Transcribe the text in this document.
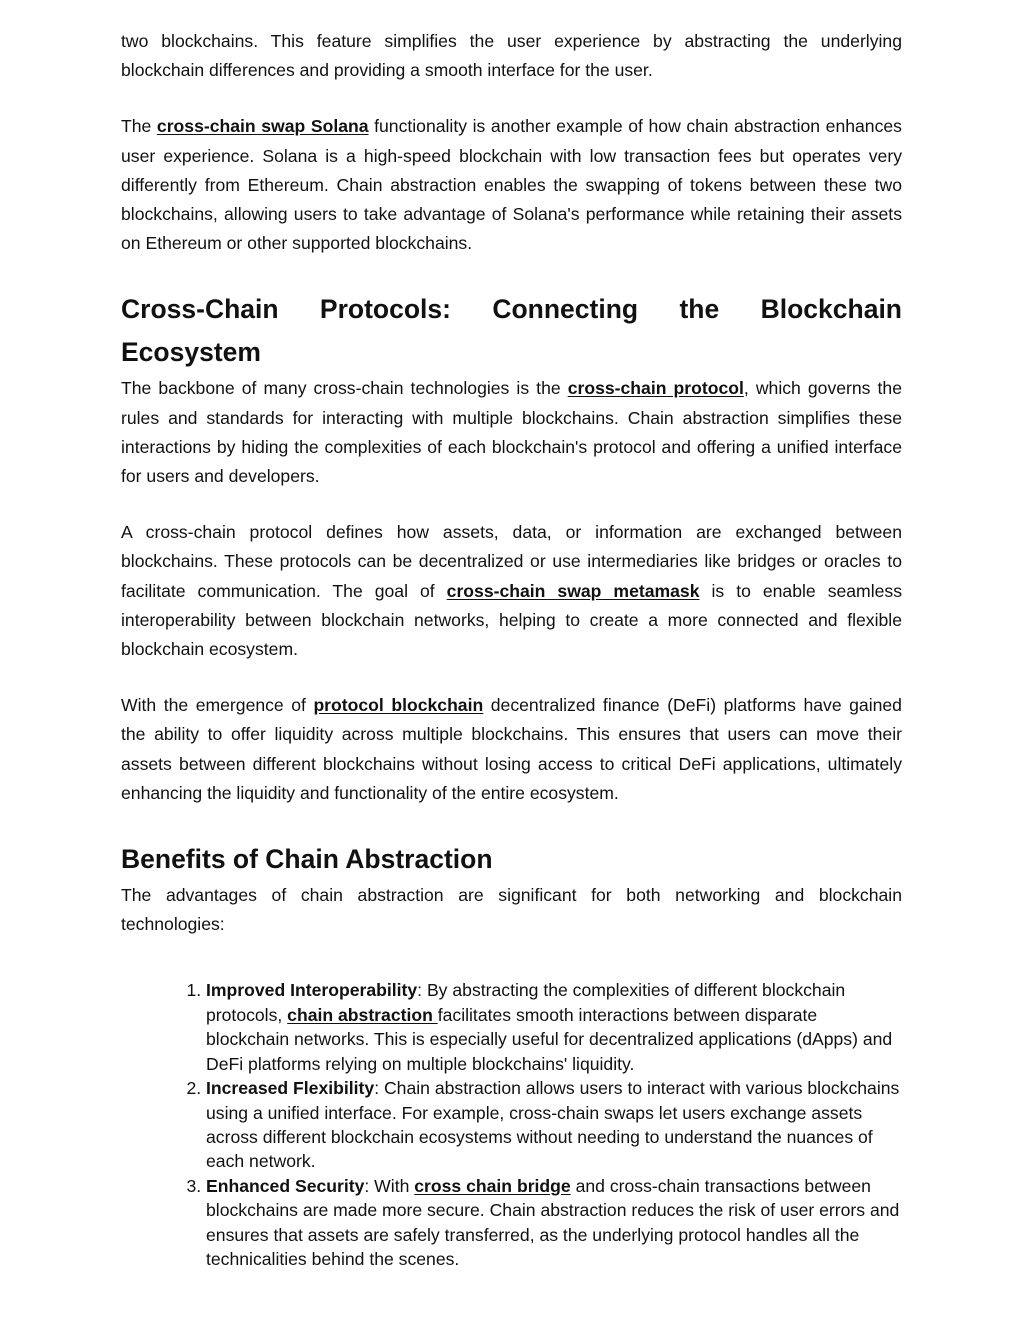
two blockchains. This feature simplifies the user experience by abstracting the underlying blockchain differences and providing a smooth interface for the user.

The cross-chain swap Solana functionality is another example of how chain abstraction enhances user experience. Solana is a high-speed blockchain with low transaction fees but operates very differently from Ethereum. Chain abstraction enables the swapping of tokens between these two blockchains, allowing users to take advantage of Solana's performance while retaining their assets on Ethereum or other supported blockchains.

Cross-Chain Protocols: Connecting the Blockchain Ecosystem

The backbone of many cross-chain technologies is the cross-chain protocol, which governs the rules and standards for interacting with multiple blockchains. Chain abstraction simplifies these interactions by hiding the complexities of each blockchain's protocol and offering a unified interface for users and developers.

A cross-chain protocol defines how assets, data, or information are exchanged between blockchains. These protocols can be decentralized or use intermediaries like bridges or oracles to facilitate communication. The goal of cross-chain swap metamask is to enable seamless interoperability between blockchain networks, helping to create a more connected and flexible blockchain ecosystem.

With the emergence of protocol blockchain decentralized finance (DeFi) platforms have gained the ability to offer liquidity across multiple blockchains. This ensures that users can move their assets between different blockchains without losing access to critical DeFi applications, ultimately enhancing the liquidity and functionality of the entire ecosystem.

Benefits of Chain Abstraction

The advantages of chain abstraction are significant for both networking and blockchain technologies:

1. Improved Interoperability: By abstracting the complexities of different blockchain protocols, chain abstraction facilitates smooth interactions between disparate blockchain networks. This is especially useful for decentralized applications (dApps) and DeFi platforms relying on multiple blockchains' liquidity.
2. Increased Flexibility: Chain abstraction allows users to interact with various blockchains using a unified interface. For example, cross-chain swaps let users exchange assets across different blockchain ecosystems without needing to understand the nuances of each network.
3. Enhanced Security: With cross chain bridge and cross-chain transactions between blockchains are made more secure. Chain abstraction reduces the risk of user errors and ensures that assets are safely transferred, as the underlying protocol handles all the technicalities behind the scenes.
